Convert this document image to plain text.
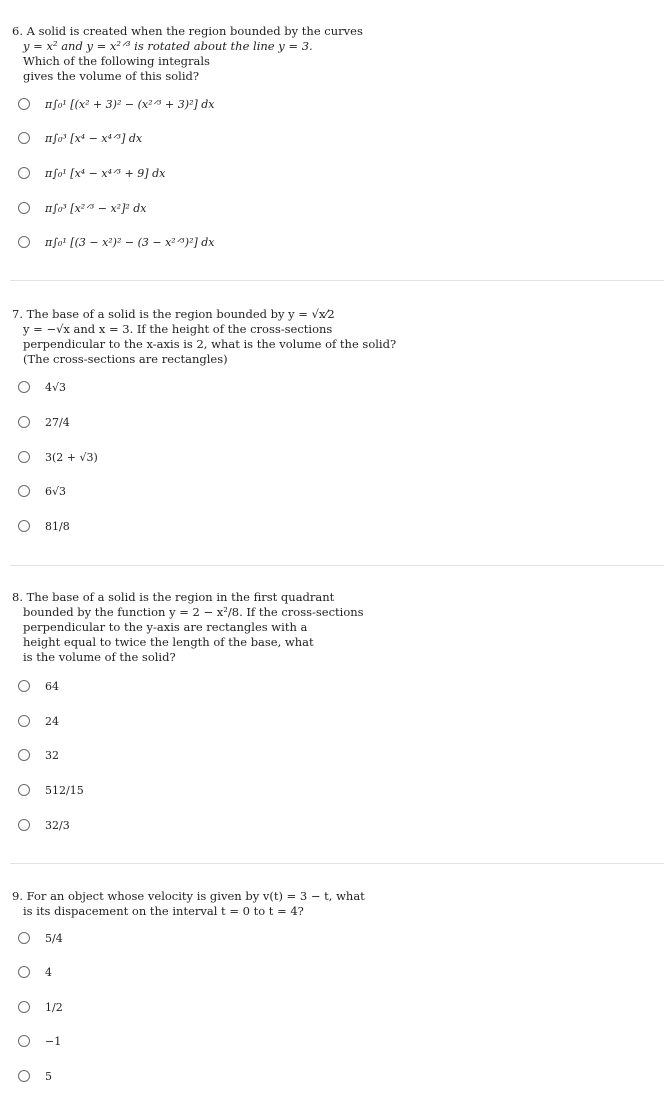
6. A solid is created when the region bounded by the curves
y = x² and y = x²ᐟ³ is rotated about the line y = 3.
Which of the following integrals
gives the volume of this solid?
π∫₀¹ [(x² + 3)² − (x²ᐟ³ + 3)²] dx
π∫₀³ [x⁴ − x⁴ᐟ³] dx
π∫₀¹ [x⁴ − x⁴ᐟ³ + 9] dx
π∫₀³ [x²ᐟ³ − x²]² dx
π∫₀¹ [(3 − x²)² − (3 − x²ᐟ³)²] dx
7. The base of a solid is the region bounded by y = √x⁄2
y = −√x and x = 3. If the height of the cross-sections
perpendicular to the x-axis is 2, what is the volume of the solid?
(The cross-sections are rectangles)
4√3
27/4
3(2 + √3)
6√3
81/8
8. The base of a solid is the region in the first quadrant
bounded by the function y = 2 − x²/8. If the cross-sections
perpendicular to the y-axis are rectangles with a
height equal to twice the length of the base, what
is the volume of the solid?
64
24
32
512/15
32/3
9. For an object whose velocity is given by v(t) = 3 − t, what
is its dispacement on the interval t = 0 to t = 4?
5/4
4
1/2
−1
5
